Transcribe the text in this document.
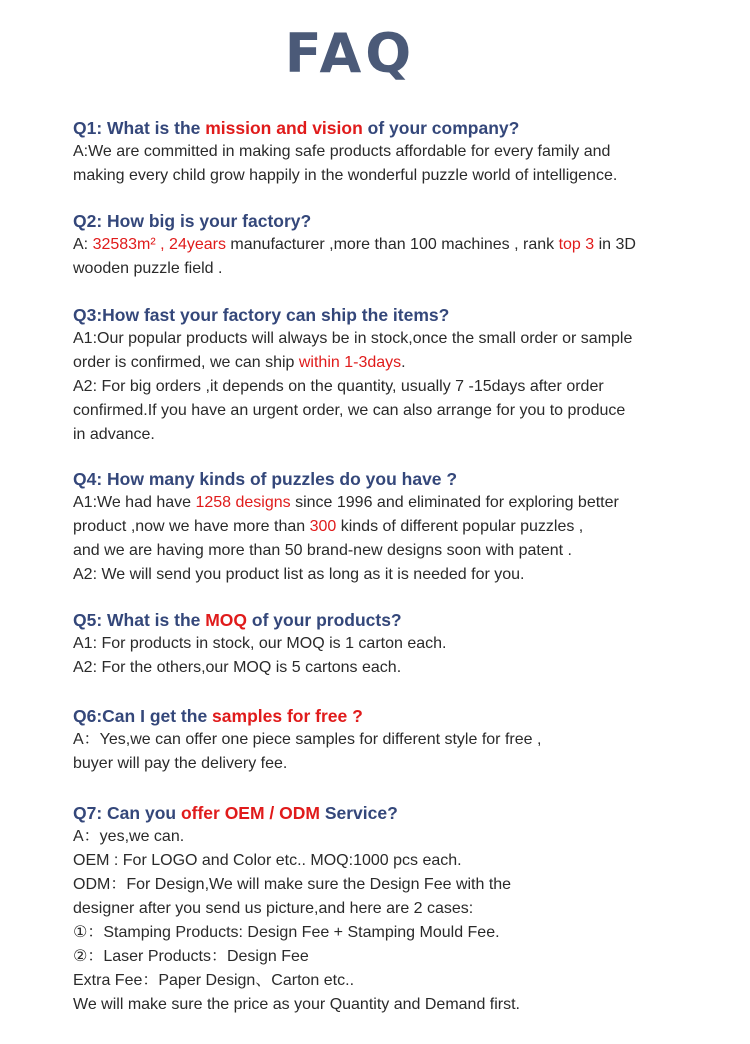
FAQ
Q1: What is the mission and vision of your company?
A:We are committed in making safe products affordable for every family and
making every child grow happily in the wonderful puzzle world of intelligence.
Q2: How big is your factory?
A: 32583m² , 24years manufacturer ,more than 100 machines , rank top 3 in 3D
wooden puzzle field .
Q3:How fast your factory can ship the items?
A1:Our popular products will always be in stock,once the small order or sample
order is confirmed, we can ship within 1-3days.
A2: For big orders ,it depends on the quantity, usually 7 -15days after order
confirmed.If you have an urgent order, we can also arrange for you to produce
in advance.
Q4: How many kinds of puzzles do you have ?
A1:We had have 1258 designs since 1996 and eliminated for exploring better
product ,now we have more than 300 kinds of different popular puzzles ,
and we are having more than 50 brand-new designs soon with patent .
A2: We will send you product list as long as it is needed for you.
Q5: What is the MOQ of your products?
A1: For products in stock, our MOQ is 1 carton each.
A2: For the others,our MOQ is 5 cartons each.
Q6:Can I get the samples for free ?
A：Yes,we can offer one piece samples for different style for free ,
buyer will pay the delivery fee.
Q7: Can you offer OEM / ODM Service?
A：yes,we can.
OEM : For LOGO and Color etc.. MOQ:1000 pcs each.
ODM：For Design,We will make sure the Design Fee with the
designer after you send us picture,and here are 2 cases:
①：Stamping Products: Design Fee + Stamping Mould Fee.
②：Laser Products：Design Fee
Extra Fee：Paper Design、Carton etc..
We will make sure the price as your Quantity and Demand first.
